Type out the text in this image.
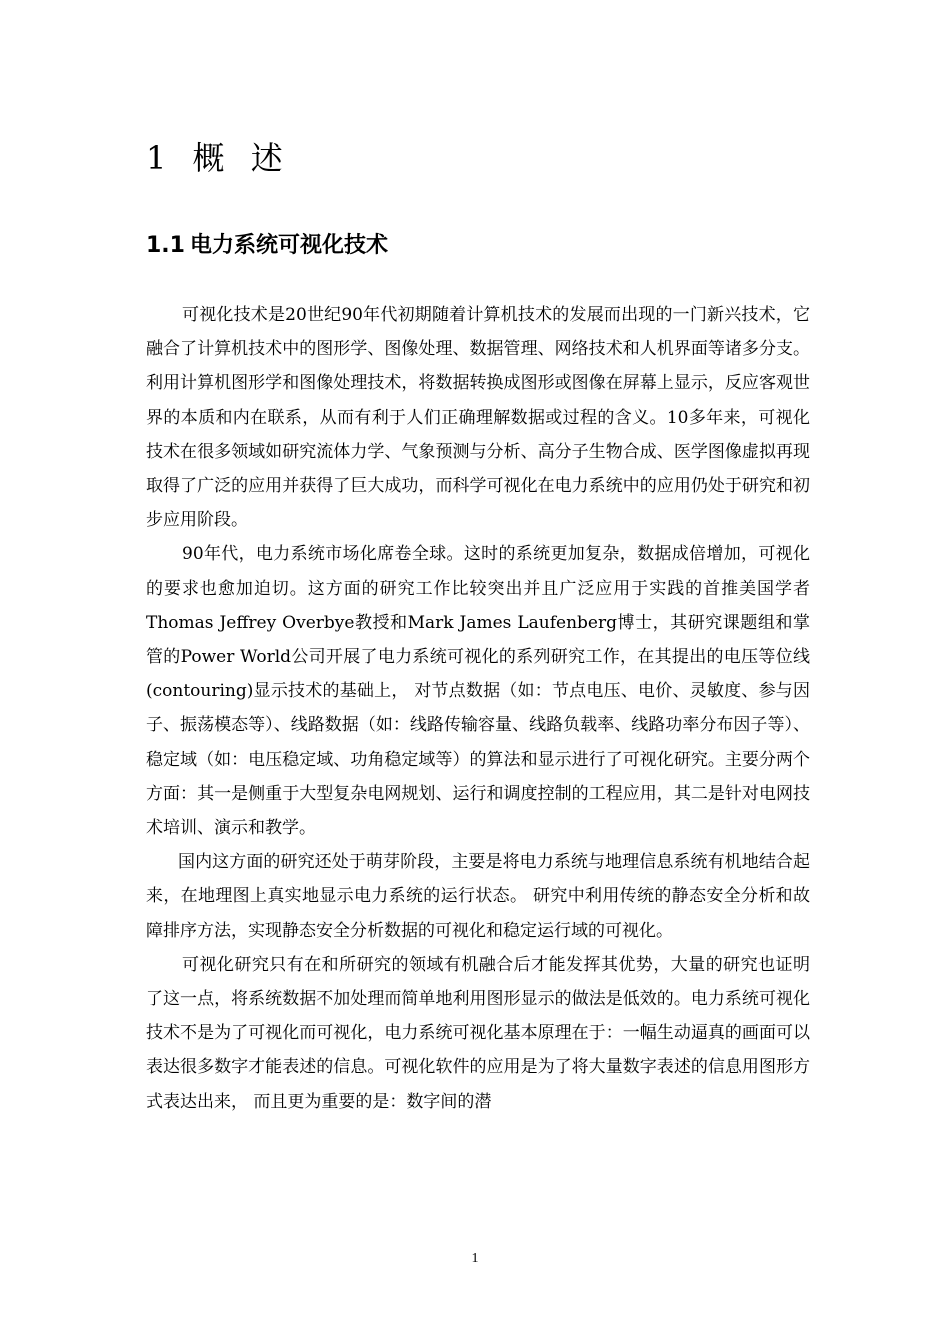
1 概 述
1.1 电力系统可视化技术

可视化技术是20世纪90年代初期随着计算机技术的发展而出现的一门新兴技术，它融合了计算机技术中的图形学、图像处理、数据管理、网络技术和人机界面等诸多分支。利用计算机图形学和图像处理技术，将数据转换成图形或图像在屏幕上显示，反应客观世界的本质和内在联系，从而有利于人们正确理解数据或过程的含义。10多年来，可视化技术在很多领域如研究流体力学、气象预测与分析、高分子生物合成、医学图像虚拟再现取得了广泛的应用并获得了巨大成功，而科学可视化在电力系统中的应用仍处于研究和初步应用阶段。

90年代，电力系统市场化席卷全球。这时的系统更加复杂，数据成倍增加，可视化的要求也愈加迫切。这方面的研究工作比较突出并且广泛应用于实践的首推美国学者Thomas Jeffrey Overbye教授和Mark James Laufenberg博士，其研究课题组和掌管的Power World公司开展了电力系统可视化的系列研究工作，在其提出的电压等位线(contouring)显示技术的基础上， 对节点数据（如：节点电压、电价、灵敏度、参与因子、振荡模态等）、线路数据（如：线路传输容量、线路负载率、线路功率分布因子等）、稳定域（如：电压稳定域、功角稳定域等）的算法和显示进行了可视化研究。主要分两个方面：其一是侧重于大型复杂电网规划、运行和调度控制的工程应用，其二是针对电网技术培训、演示和教学。

国内这方面的研究还处于萌芽阶段，主要是将电力系统与地理信息系统有机地结合起来，在地理图上真实地显示电力系统的运行状态。 研究中利用传统的静态安全分析和故障排序方法，实现静态安全分析数据的可视化和稳定运行域的可视化。

可视化研究只有在和所研究的领域有机融合后才能发挥其优势，大量的研究也证明了这一点，将系统数据不加处理而简单地利用图形显示的做法是低效的。电力系统可视化技术不是为了可视化而可视化，电力系统可视化基本原理在于：一幅生动逼真的画面可以表达很多数字才能表述的信息。可视化软件的应用是为了将大量数字表述的信息用图形方式表达出来， 而且更为重要的是：数字间的潜

1
